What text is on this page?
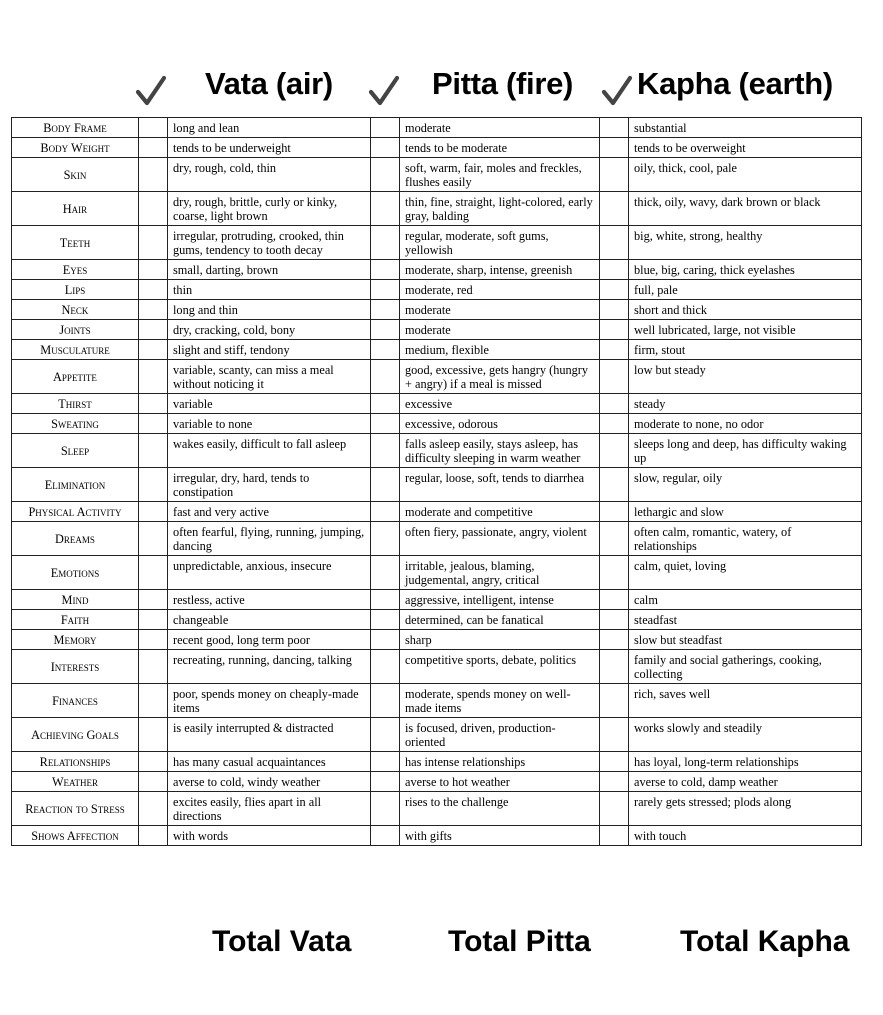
Vata (air)	Pitta (fire) Kapha (earth)
Body Frame		long and lean		moderate		substantial
Body Weight		tends to be underweight		tends to be moderate		tends to be overweight
Skin		dry, rough, cold, thin		soft, warm, fair, moles and freckles, flushes easily		oily, thick, cool, pale
Hair		dry, rough, brittle, curly or kinky, coarse, light brown		thin, fine, straight, light-colored, early gray, balding		thick, oily, wavy, dark brown or black
Teeth		irregular, protruding, crooked, thin gums, tendency to tooth decay		regular, moderate, soft gums, yellowish		big, white, strong, healthy
Eyes		small, darting, brown		moderate, sharp, intense, greenish		blue, big, caring, thick eyelashes
Lips		thin		moderate, red		full, pale
Neck		long and thin		moderate		short and thick
Joints		dry, cracking, cold, bony		moderate		well lubricated, large, not visible
Musculature		slight and stiff, tendony		medium, flexible		firm, stout
Appetite		variable, scanty, can miss a meal without noticing it		good, excessive, gets hangry (hungry + angry) if a meal is missed		low but steady
Thirst		variable		excessive		steady
Sweating		variable to none		excessive, odorous		moderate to none, no odor
Sleep		wakes easily, difficult to fall asleep		falls asleep easily, stays asleep, has difficulty sleeping in warm weather		sleeps long and deep, has difficulty waking up
Elimination		irregular, dry, hard, tends to constipation		regular, loose, soft, tends to diarrhea		slow, regular, oily
Physical Activity		fast and very active		moderate and competitive		lethargic and slow
Dreams		often fearful, flying, running, jumping, dancing		often fiery, passionate, angry, violent		often calm, romantic, watery, of relationships
Emotions		unpredictable, anxious, insecure		irritable, jealous, blaming, judgemental, angry, critical		calm, quiet, loving
Mind		restless, active		aggressive, intelligent, intense		calm
Faith		changeable		determined, can be fanatical		steadfast
Memory		recent good, long term poor		sharp		slow but steadfast
Interests		recreating, running, dancing, talking		competitive sports, debate, politics		family and social gatherings, cooking, collecting
Finances		poor, spends money on cheaply-made items		moderate, spends money on well-made items		rich, saves well
Achieving Goals		is easily interrupted & distracted		is focused, driven, production-oriented		works slowly and steadily
Relationships		has many casual acquaintances		has intense relationships		has loyal, long-term relationships
Weather		averse to cold, windy weather		averse to hot weather		averse to cold, damp weather
Reaction to Stress		excites easily, flies apart in all directions		rises to the challenge		rarely gets stressed; plods along
Shows Affection		with words		with gifts		with touch
Total Vata	Total Pitta	Total Kapha
